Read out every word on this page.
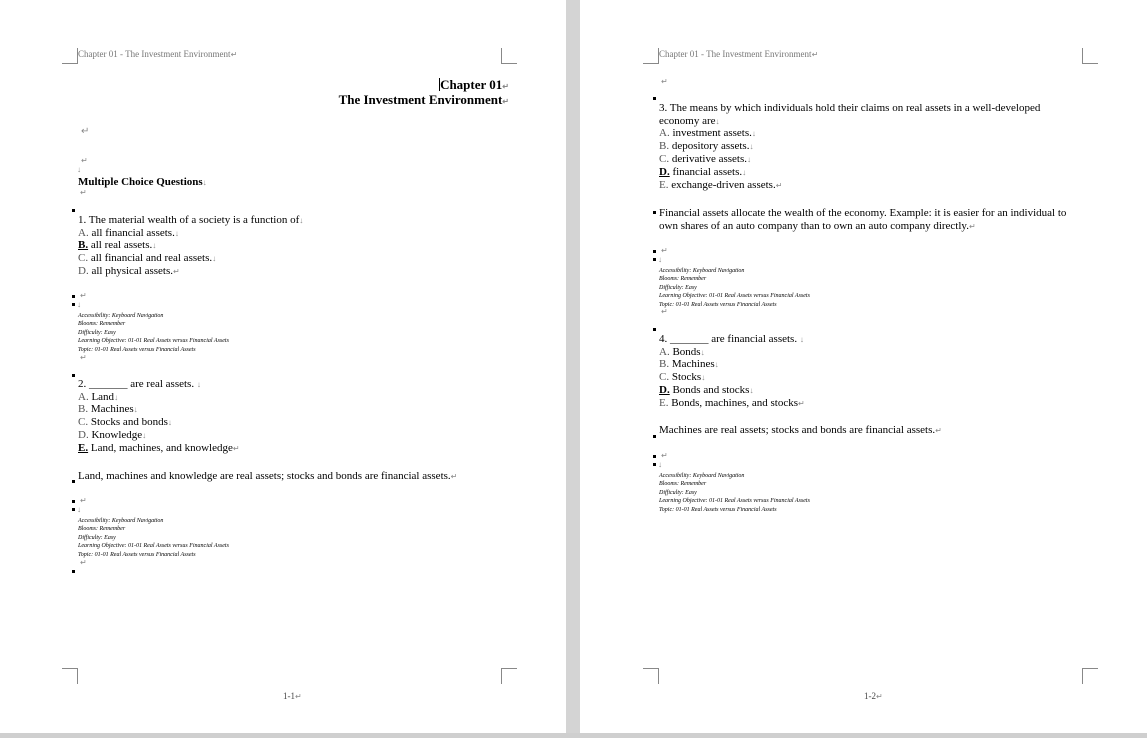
Chapter 01 - The Investment Environment↵
Chapter 01↵
The Investment Environment↵
↵
↵
↓
Multiple Choice Questions↓
↵
1. The material wealth of a society is a function of↓
A. all financial assets.↓
B. all real assets.↓
C. all financial and real assets.↓
D. all physical assets.↵
↵
↓
Accessibility: Keyboard Navigation
Blooms: Remember
Difficulty: Easy
Learning Objective: 01-01 Real Assets versus Financial Assets
Topic: 01-01 Real Assets versus Financial Assets
↵
2. _______ are real assets. ↓
A. Land↓
B. Machines↓
C. Stocks and bonds↓
D. Knowledge↓
E. Land, machines, and knowledge↵
Land, machines and knowledge are real assets; stocks and bonds are financial assets.↵
↵
↓
Accessibility: Keyboard Navigation
Blooms: Remember
Difficulty: Easy
Learning Objective: 01-01 Real Assets versus Financial Assets
Topic: 01-01 Real Assets versus Financial Assets
↵
1-1↵
Chapter 01 - The Investment Environment↵
↵
3. The means by which individuals hold their claims on real assets in a well-developed
economy are↓
A. investment assets.↓
B. depository assets.↓
C. derivative assets.↓
D. financial assets.↓
E. exchange-driven assets.↵
Financial assets allocate the wealth of the economy. Example: it is easier for an individual to
own shares of an auto company than to own an auto company directly.↵
↵
↓
Accessibility: Keyboard Navigation
Blooms: Remember
Difficulty: Easy
Learning Objective: 01-01 Real Assets versus Financial Assets
Topic: 01-01 Real Assets versus Financial Assets
↵
4. _______ are financial assets. ↓
A. Bonds↓
B. Machines↓
C. Stocks↓
D. Bonds and stocks↓
E. Bonds, machines, and stocks↵
Machines are real assets; stocks and bonds are financial assets.↵
↵
↓
Accessibility: Keyboard Navigation
Blooms: Remember
Difficulty: Easy
Learning Objective: 01-01 Real Assets versus Financial Assets
Topic: 01-01 Real Assets versus Financial Assets
1-2↵
